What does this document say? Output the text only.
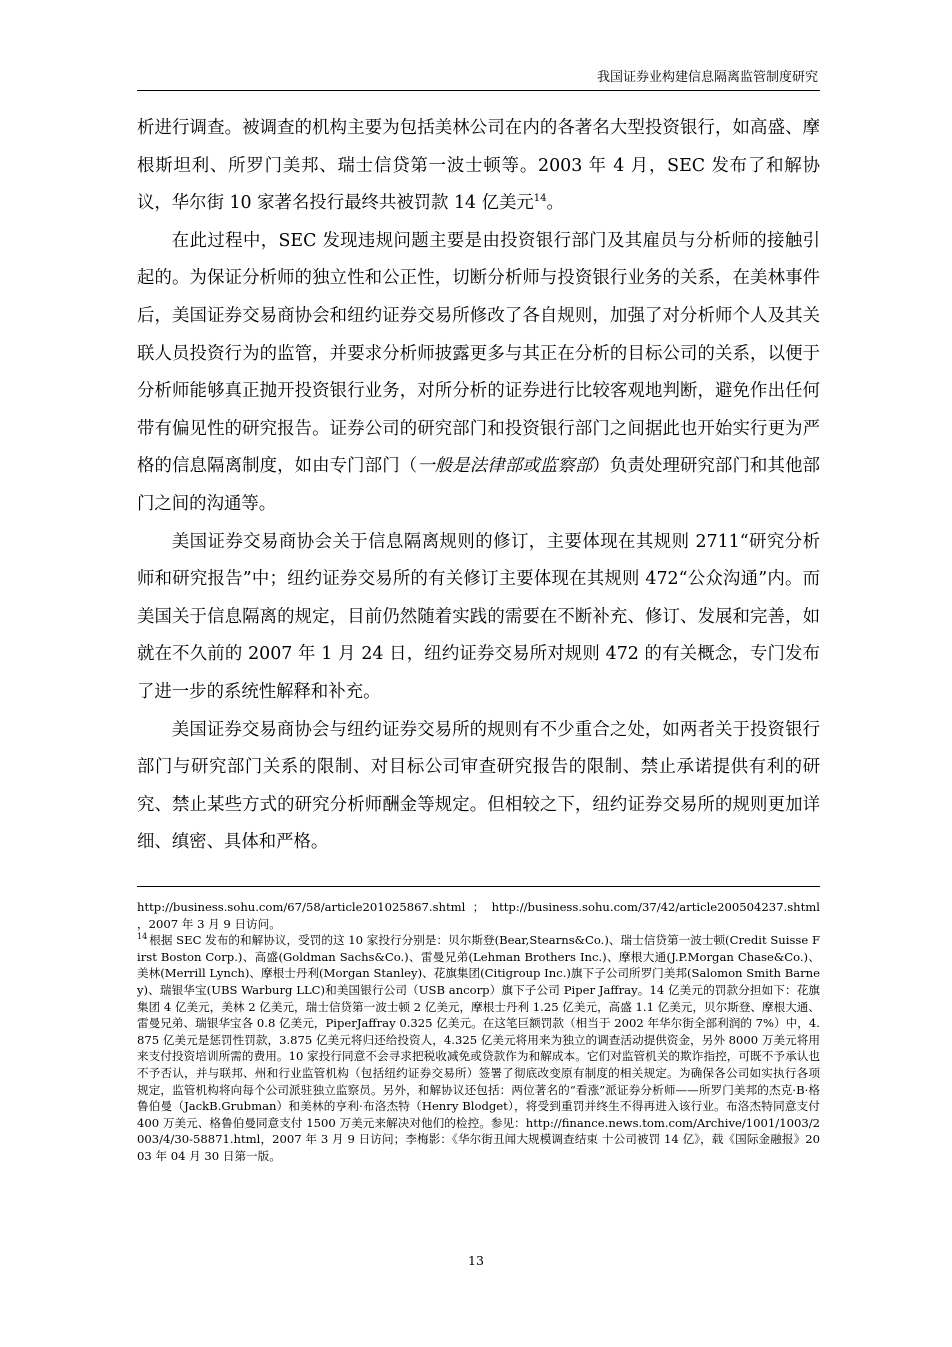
我国证券业构建信息隔离监管制度研究

析进行调查。被调查的机构主要为包括美林公司在内的各著名大型投资银行，如高盛、摩根斯坦利、所罗门美邦、瑞士信贷第一波士顿等。2003 年 4 月，SEC 发布了和解协议，华尔街 10 家著名投行最终共被罚款 14 亿美元$^{14}$。

在此过程中，SEC 发现违规问题主要是由投资银行部门及其雇员与分析师的接触引起的。为保证分析师的独立性和公正性，切断分析师与投资银行业务的关系，在美林事件后，美国证券交易商协会和纽约证券交易所修改了各自规则，加强了对分析师个人及其关联人员投资行为的监管，并要求分析师披露更多与其正在分析的目标公司的关系，以便于分析师能够真正抛开投资银行业务，对所分析的证券进行比较客观地判断，避免作出任何带有偏见性的研究报告。证券公司的研究部门和投资银行部门之间据此也开始实行更为严格的信息隔离制度，如由专门部门（一般是法律部或监察部）负责处理研究部门和其他部门之间的沟通等。

美国证券交易商协会关于信息隔离规则的修订，主要体现在其规则 2711“研究分析师和研究报告”中；纽约证券交易所的有关修订主要体现在其规则 472“公众沟通”内。而美国关于信息隔离的规定，目前仍然随着实践的需要在不断补充、修订、发展和完善，如就在不久前的 2007 年 1 月 24 日，纽约证券交易所对规则 472 的有关概念，专门发布了进一步的系统性解释和补充。

美国证券交易商协会与纽约证券交易所的规则有不少重合之处，如两者关于投资银行部门与研究部门关系的限制、对目标公司审查研究报告的限制、禁止承诺提供有利的研究、禁止某些方式的研究分析师酬金等规定。但相较之下，纽约证券交易所的规则更加详细、缜密、具体和严格。

http://business.sohu.com/67/58/article201025867.shtml ； http://business.sohu.com/37/42/article200504237.shtml ，2007 年 3 月 9 日访问。

$^{14}$ 根据 SEC 发布的和解协议，受罚的这 10 家投行分别是：贝尔斯登(Bear,Stearns&Co.)、瑞士信贷第一波士顿(Credit Suisse First Boston Corp.)、高盛(Goldman Sachs&Co.)、雷曼兄弟(Lehman Brothers Inc.)、摩根大通(J.P.Morgan Chase&Co.)、美林(Merrill Lynch)、摩根士丹利(Morgan Stanley)、花旗集团(Citigroup Inc.)旗下子公司所罗门美邦(Salomon Smith Barney)、瑞银华宝(UBS Warburg LLC)和美国银行公司（USB ancorp）旗下子公司 Piper Jaffray。14 亿美元的罚款分担如下：花旗集团 4 亿美元，美林 2 亿美元，瑞士信贷第一波士顿 2 亿美元，摩根士丹利 1.25 亿美元，高盛 1.1 亿美元，贝尔斯登、摩根大通、雷曼兄弟、瑞银华宝各 0.8 亿美元，PiperJaffray 0.325 亿美元。在这笔巨额罚款（相当于 2002 年华尔街全部利润的 7%）中，4.875 亿美元是惩罚性罚款，3.875 亿美元将归还给投资人，4.325 亿美元将用来为独立的调查活动提供资金，另外 8000 万美元将用来支付投资培训所需的费用。10 家投行同意不会寻求把税收减免或贷款作为和解成本。它们对监管机关的欺诈指控，可既不予承认也不予否认，并与联邦、州和行业监管机构（包括纽约证券交易所）签署了彻底改变原有制度的相关规定。为确保各公司如实执行各项规定，监管机构将向每个公司派驻独立监察员。另外，和解协议还包括：两位著名的“看涨”派证券分析师——所罗门美邦的杰克·B·格鲁伯曼（JackB.Grubman）和美林的亨利·布洛杰特（Henry Blodget），将受到重罚并终生不得再进入该行业。布洛杰特同意支付 400 万美元、格鲁伯曼同意支付 1500 万美元来解决对他们的检控。参见：http://finance.news.tom.com/Archive/1001/1003/2003/4/30-58871.html，2007 年 3 月 9 日访问；李梅影：《华尔街丑闻大规模调查结束 十公司被罚 14 亿》，载《国际金融报》2003 年 04 月 30 日第一版。

13
